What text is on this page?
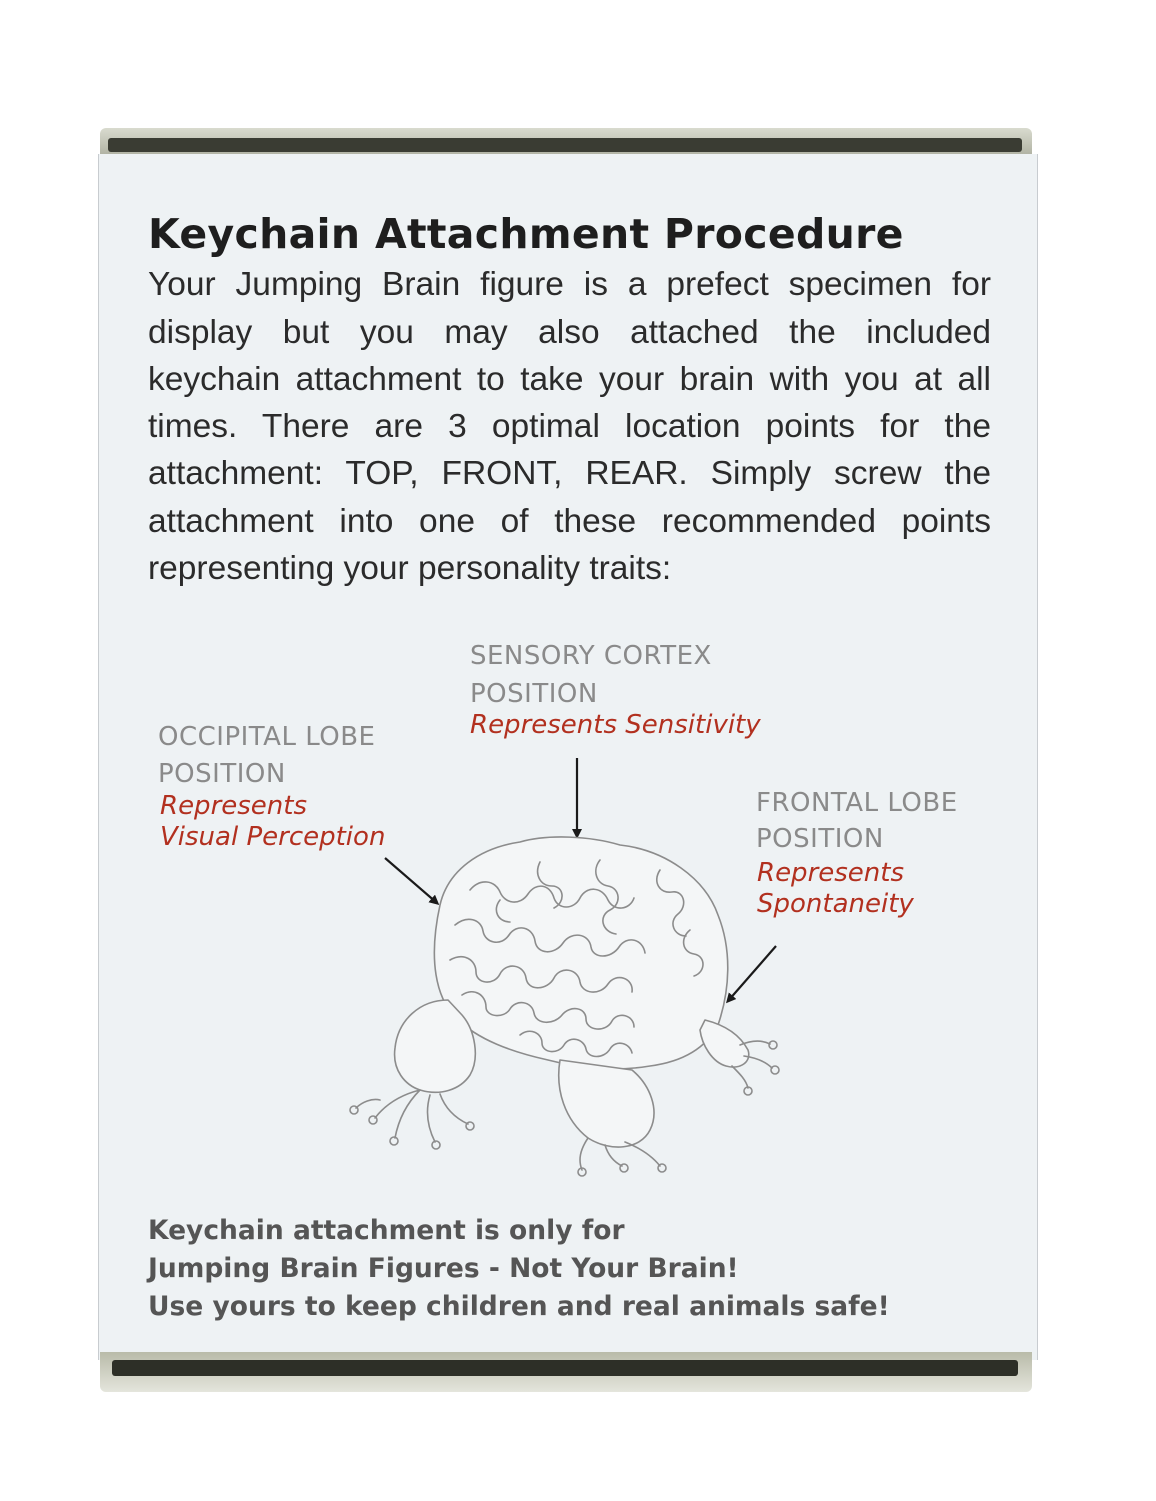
Keychain Attachment Procedure

Your Jumping Brain figure is a prefect specimen for

display but you may also attached the included

keychain attachment to take your brain with you at all

times. There are 3 optimal location points for the

attachment: TOP, FRONT, REAR. Simply screw the

attachment into one of these recommended points

representing your personality traits:

SENSORY CORTEX

POSITION

Represents Sensitivity

OCCIPITAL LOBE

POSITION

Represents

Visual Perception

FRONTAL LOBE

POSITION

Represents

Spontaneity

Keychain attachment is only for

Jumping Brain Figures - Not Your Brain!

Use yours to keep children and real animals safe!
